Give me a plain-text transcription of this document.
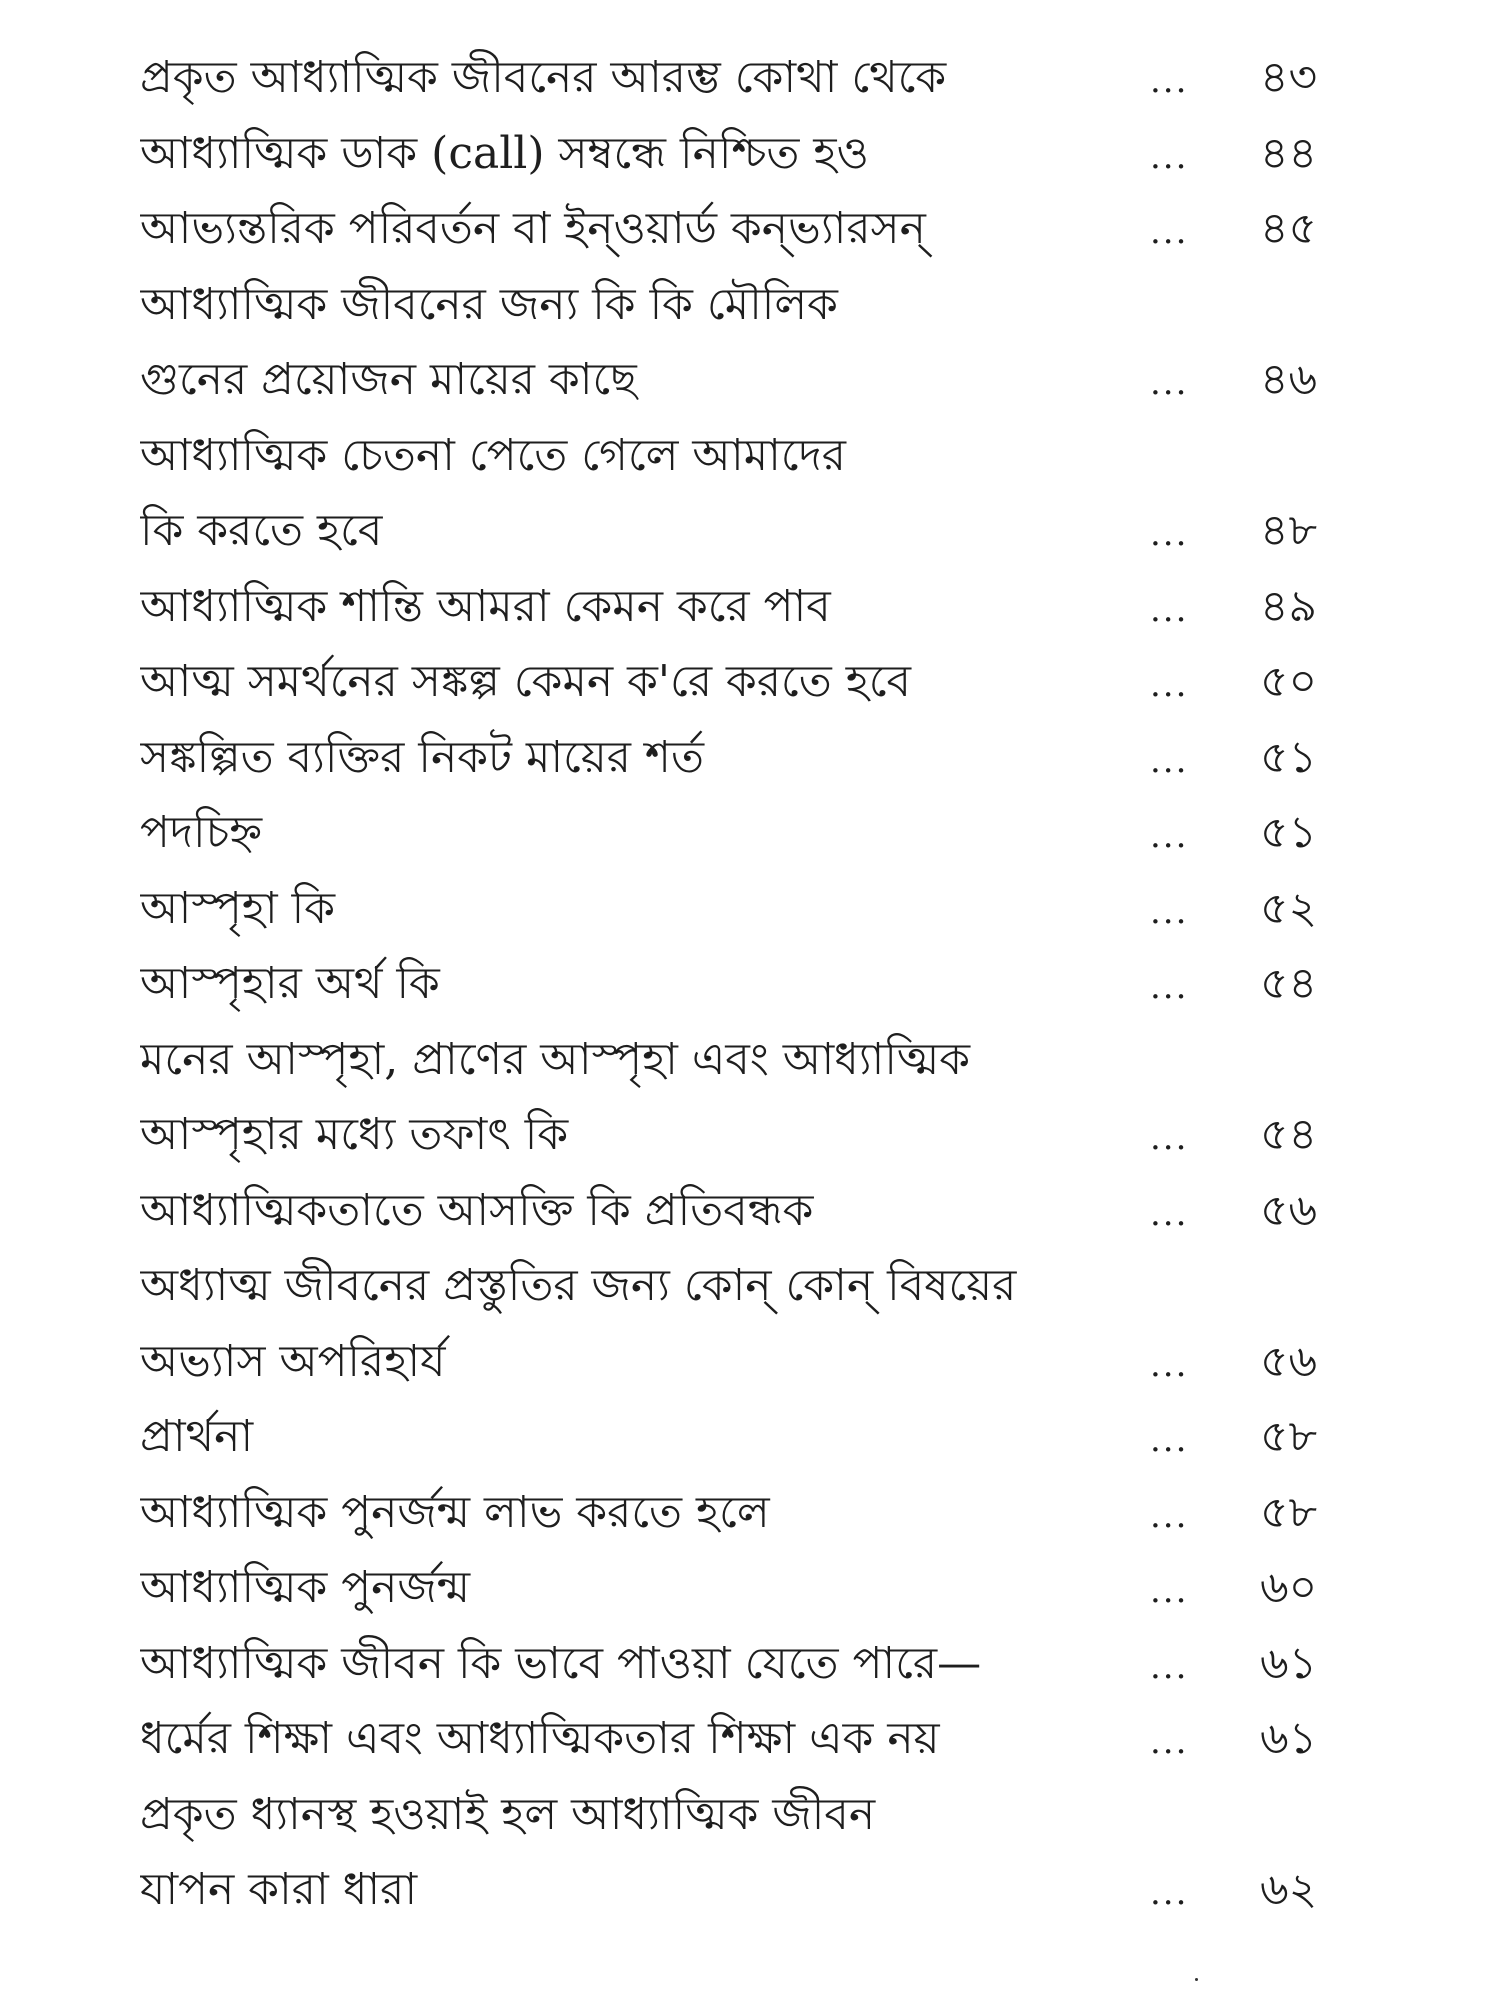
প্রকৃত আধ্যাত্মিক জীবনের আরম্ভ কোথা থেকে	...	৪৩
আধ্যাত্মিক ডাক (call) সম্বন্ধে নিশ্চিত হও	...	৪৪
আভ্যন্তরিক পরিবর্তন বা ইন্‌ওয়ার্ড কন্‌ভ্যারসন্‌	...	৪৫
আধ্যাত্মিক জীবনের জন্য কি কি মৌলিক
গুনের প্রয়োজন মায়ের কাছে	...	৪৬
আধ্যাত্মিক চেতনা পেতে গেলে আমাদের
কি করতে হবে	...	৪৮
আধ্যাত্মিক শান্তি আমরা কেমন করে পাব	...	৪৯
আত্ম সমর্থনের সঙ্কল্প কেমন ক'রে করতে হবে	...	৫০
সঙ্কল্পিত ব্যক্তির নিকট মায়ের শর্ত	...	৫১
পদচিহ্ন	...	৫১
আস্পৃহা কি	...	৫২
আস্পৃহার অর্থ কি	...	৫৪
মনের আস্পৃহা, প্রাণের আস্পৃহা এবং আধ্যাত্মিক
আস্পৃহার মধ্যে তফাৎ কি	...	৫৪
আধ্যাত্মিকতাতে আসক্তি কি প্রতিবন্ধক	...	৫৬
অধ্যাত্ম জীবনের প্রস্তুতির জন্য কোন্‌ কোন্‌ বিষয়ের
অভ্যাস অপরিহার্য	...	৫৬
প্রার্থনা	...	৫৮
আধ্যাত্মিক পুনর্জন্ম লাভ করতে হলে	...	৫৮
আধ্যাত্মিক পুনর্জন্ম	...	৬০
আধ্যাত্মিক জীবন কি ভাবে পাওয়া যেতে পারে—	...	৬১
ধর্মের শিক্ষা এবং আধ্যাত্মিকতার শিক্ষা এক নয়	...	৬১
প্রকৃত ধ্যানস্থ হওয়াই হল আধ্যাত্মিক জীবন
যাপন কারা ধারা	...	৬২
